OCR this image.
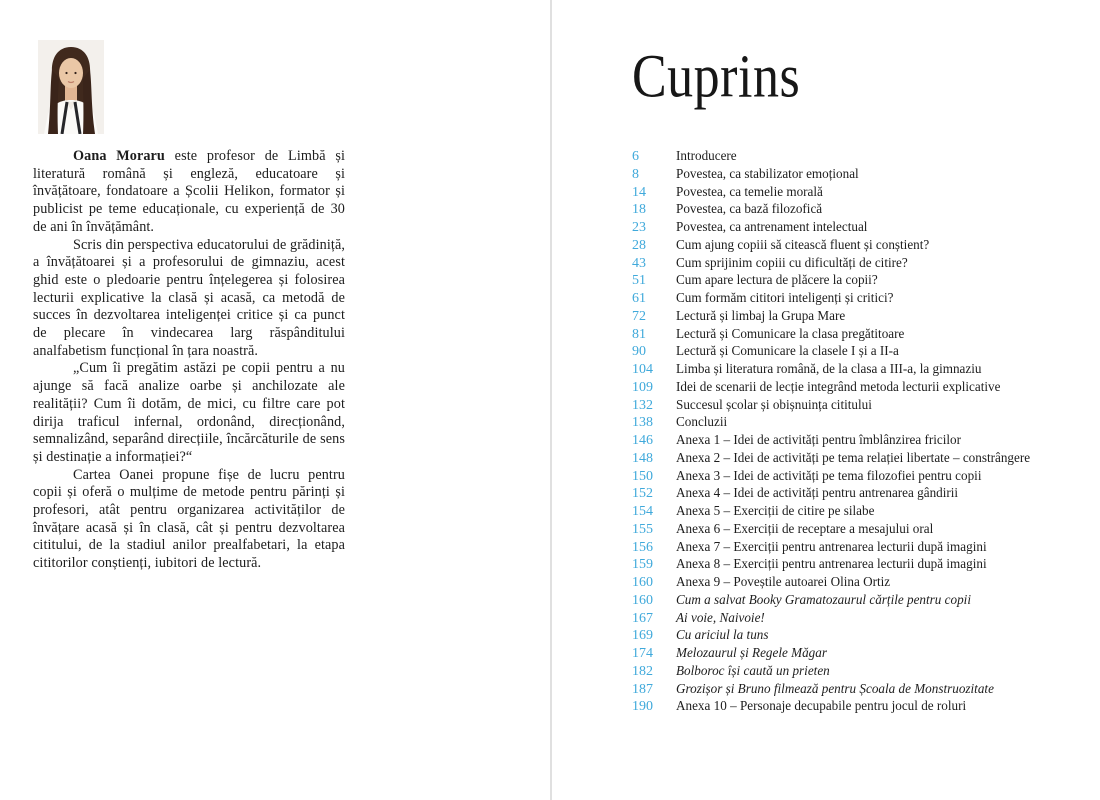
Oana Moraru este profesor de Limbă și literatură română și engleză, educatoare și învățătoare, fondatoare a Școlii Helikon, formator și publicist pe teme educaționale, cu experiență de 30 de ani în învățământ.

Scris din perspectiva educatorului de grădiniță, a învățătoarei și a profesorului de gimnaziu, acest ghid este o pledoarie pentru înțelegerea și folosirea lecturii explicative la clasă și acasă, ca metodă de succes în dezvoltarea inteligenței critice și ca punct de plecare în vindecarea larg răspânditului analfabetism funcțional în țara noastră.

„Cum îi pregătim astăzi pe copii pentru a nu ajunge să facă analize oarbe și anchilozate ale realității? Cum îi dotăm, de mici, cu filtre care pot dirija traficul infernal, ordonând, direcționând, semnalizând, separând direcțiile, încărcăturile de sens și destinație a informației?“

Cartea Oanei propune fișe de lucru pentru copii și oferă o mulțime de metode pentru părinți și profesori, atât pentru organizarea activităților de învățare acasă și în clasă, cât și pentru dezvoltarea cititului, de la stadiul anilor prealfabetari, la etapa cititorilor conștienți, iubitori de lectură.

Cuprins
6	Introducere
8	Povestea, ca stabilizator emoțional
14	Povestea, ca temelie morală
18	Povestea, ca bază filozofică
23	Povestea, ca antrenament intelectual
28	Cum ajung copiii să citească fluent și conștient?
43	Cum sprijinim copiii cu dificultăți de citire?
51	Cum apare lectura de plăcere la copii?
61	Cum formăm cititori inteligenți și critici?
72	Lectură și limbaj la Grupa Mare
81	Lectură și Comunicare la clasa pregătitoare
90	Lectură și Comunicare la clasele I și a II-a
104	Limba și literatura română, de la clasa a III-a, la gimnaziu
109	Idei de scenarii de lecție integrând metoda lecturii explicative
132	Succesul școlar și obișnuința cititului
138	Concluzii
146	Anexa 1 – Idei de activități pentru îmblânzirea fricilor
148	Anexa 2 – Idei de activități pe tema relației libertate – constrângere
150	Anexa 3 – Idei de activități pe tema filozofiei pentru copii
152	Anexa 4 – Idei de activități pentru antrenarea gândirii
154	Anexa 5 – Exerciții de citire pe silabe
155	Anexa 6 – Exerciții de receptare a mesajului oral
156	Anexa 7 – Exerciții pentru antrenarea lecturii după imagini
159	Anexa 8 – Exerciții pentru antrenarea lecturii după imagini
160	Anexa 9 – Poveștile autoarei Olina Ortiz
160	Cum a salvat Booky Gramatozaurul cărțile pentru copii
167	Ai voie, Naivoie!
169	Cu ariciul la tuns
174	Melozaurul și Regele Măgar
182	Bolboroc își caută un prieten
187	Grozișor și Bruno filmează pentru Școala de Monstruozitate
190	Anexa 10 – Personaje decupabile pentru jocul de roluri
